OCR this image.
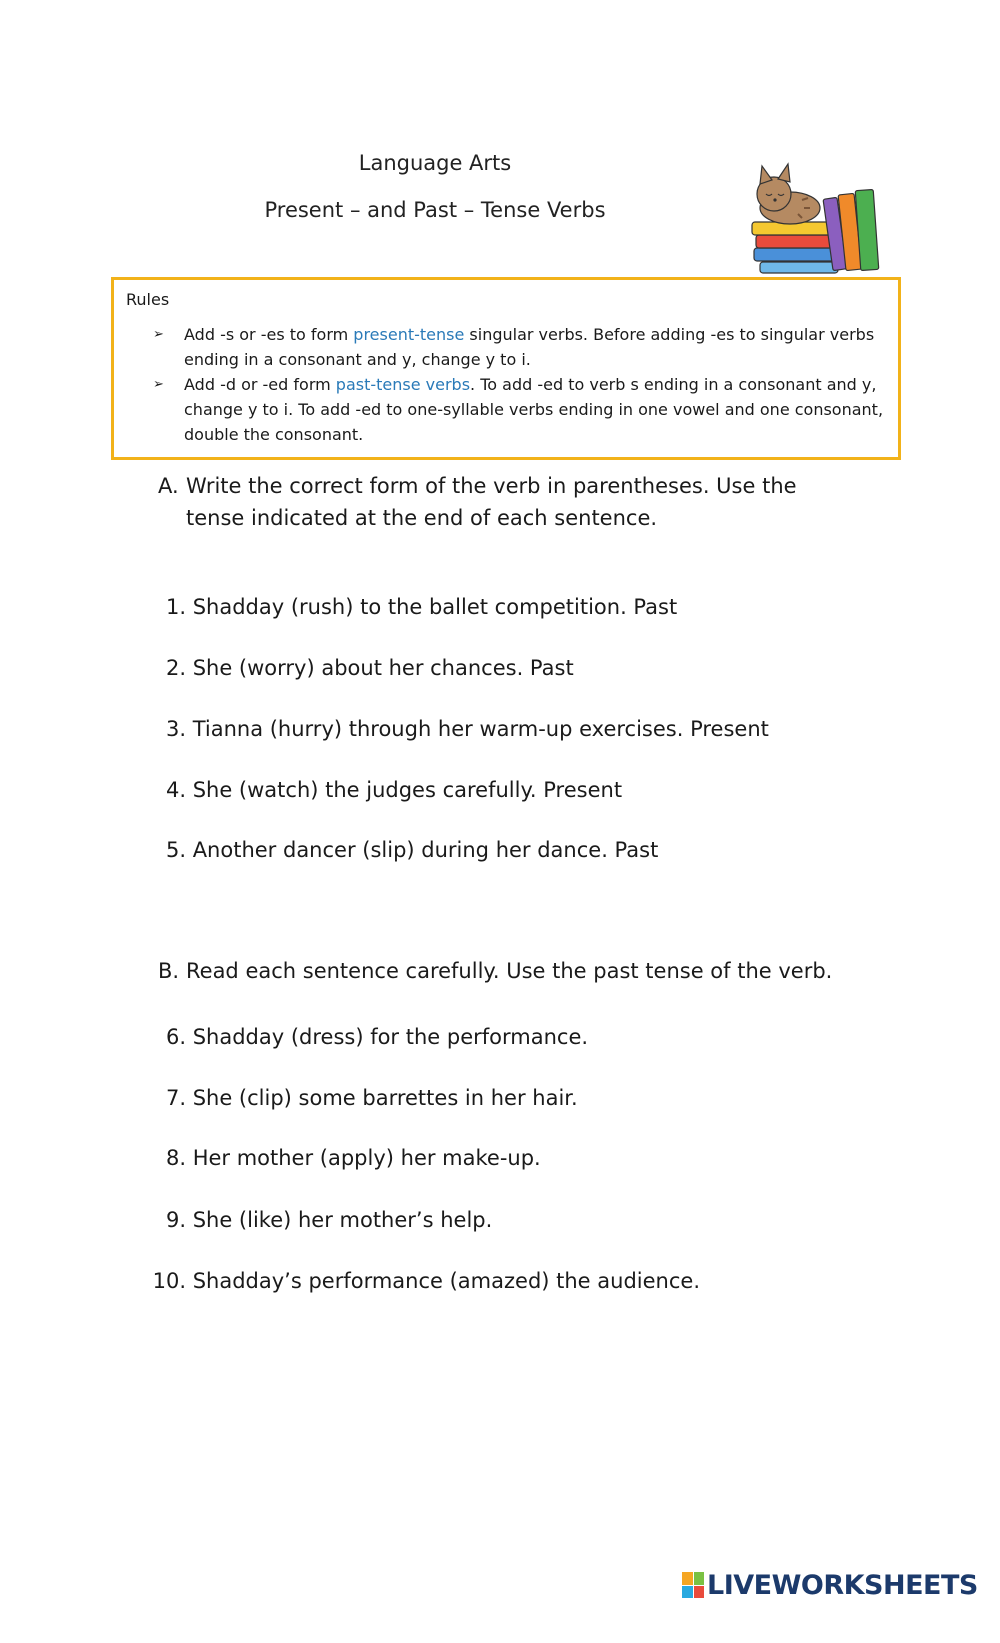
Language Arts
Present – and Past – Tense Verbs
Rules
➢ Add -s or -es to form present-tense singular verbs. Before adding -es to singular verbs ending in a consonant and y, change y to i.
➢ Add -d or -ed form past-tense verbs. To add -ed to verb s ending in a consonant and y, change y to i. To add -ed to one-syllable verbs ending in one vowel and one consonant, double the consonant.
A. Write the correct form of the verb in parentheses. Use the tense indicated at the end of each sentence.
1. Shadday (rush) to the ballet competition. Past
2. She (worry) about her chances. Past
3. Tianna (hurry) through her warm-up exercises. Present
4. She (watch) the judges carefully. Present
5. Another dancer (slip) during her dance. Past
B. Read each sentence carefully. Use the past tense of the verb.
6. Shadday (dress) for the performance.
7. She (clip) some barrettes in her hair.
8. Her mother (apply) her make-up.
9. She (like) her mother’s help.
10. Shadday’s performance (amazed) the audience.
LIVEWORKSHEETS
